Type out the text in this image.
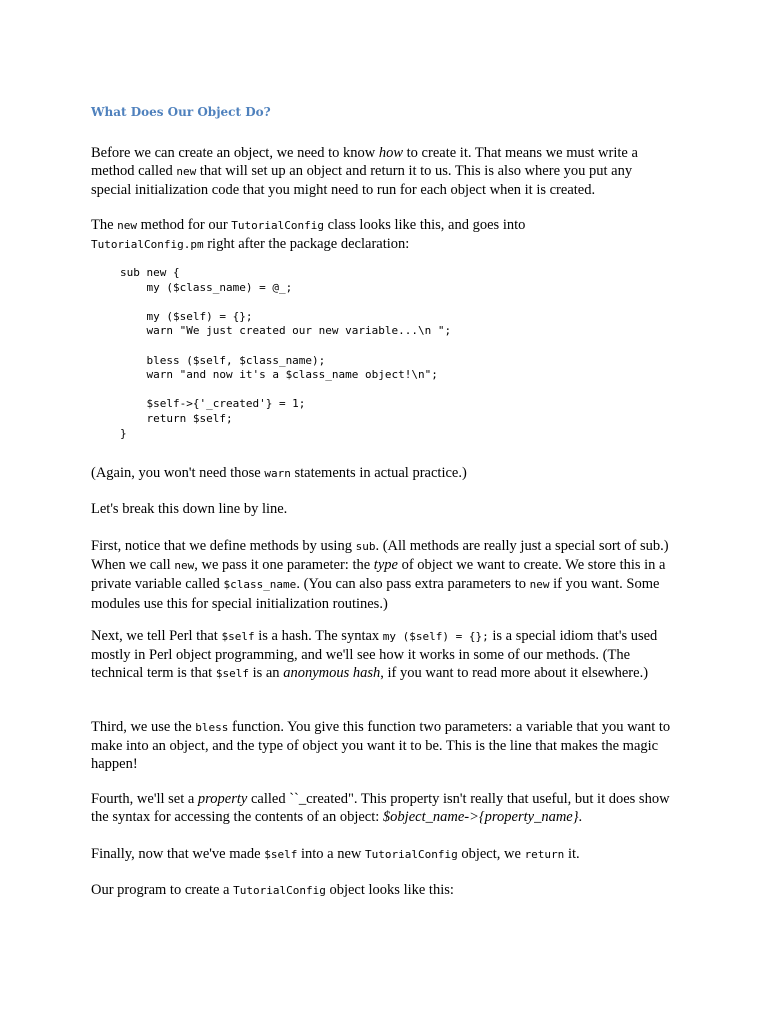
What Does Our Object Do?

Before we can create an object, we need to know how to create it. That means we must write a method called new that will set up an object and return it to us. This is also where you put any special initialization code that you might need to run for each object when it is created.

The new method for our TutorialConfig class looks like this, and goes into
TutorialConfig.pm right after the package declaration:

sub new {
my ($class_name) = @_;

my ($self) = {};
warn "We just created our new variable...\n ";

bless ($self, $class_name);
warn "and now it's a $class_name object!\n";

$self->{'_created'} = 1;
return $self;
}

(Again, you won't need those warn statements in actual practice.)

Let's break this down line by line.

First, notice that we define methods by using sub. (All methods are really just a special sort of sub.) When we call new, we pass it one parameter: the type of object we want to create. We store this in a private variable called $class_name. (You can also pass extra parameters to new if you want. Some modules use this for special initialization routines.)

Next, we tell Perl that $self is a hash. The syntax my ($self) = {}; is a special idiom that's used mostly in Perl object programming, and we'll see how it works in some of our methods. (The technical term is that $self is an anonymous hash, if you want to read more about it elsewhere.)

Third, we use the bless function. You give this function two parameters: a variable that you want to make into an object, and the type of object you want it to be. This is the line that makes the magic happen!

Fourth, we'll set a property called ``_created". This property isn't really that useful, but it does show the syntax for accessing the contents of an object: $object_name->{property_name}.

Finally, now that we've made $self into a new TutorialConfig object, we return it.

Our program to create a TutorialConfig object looks like this:
